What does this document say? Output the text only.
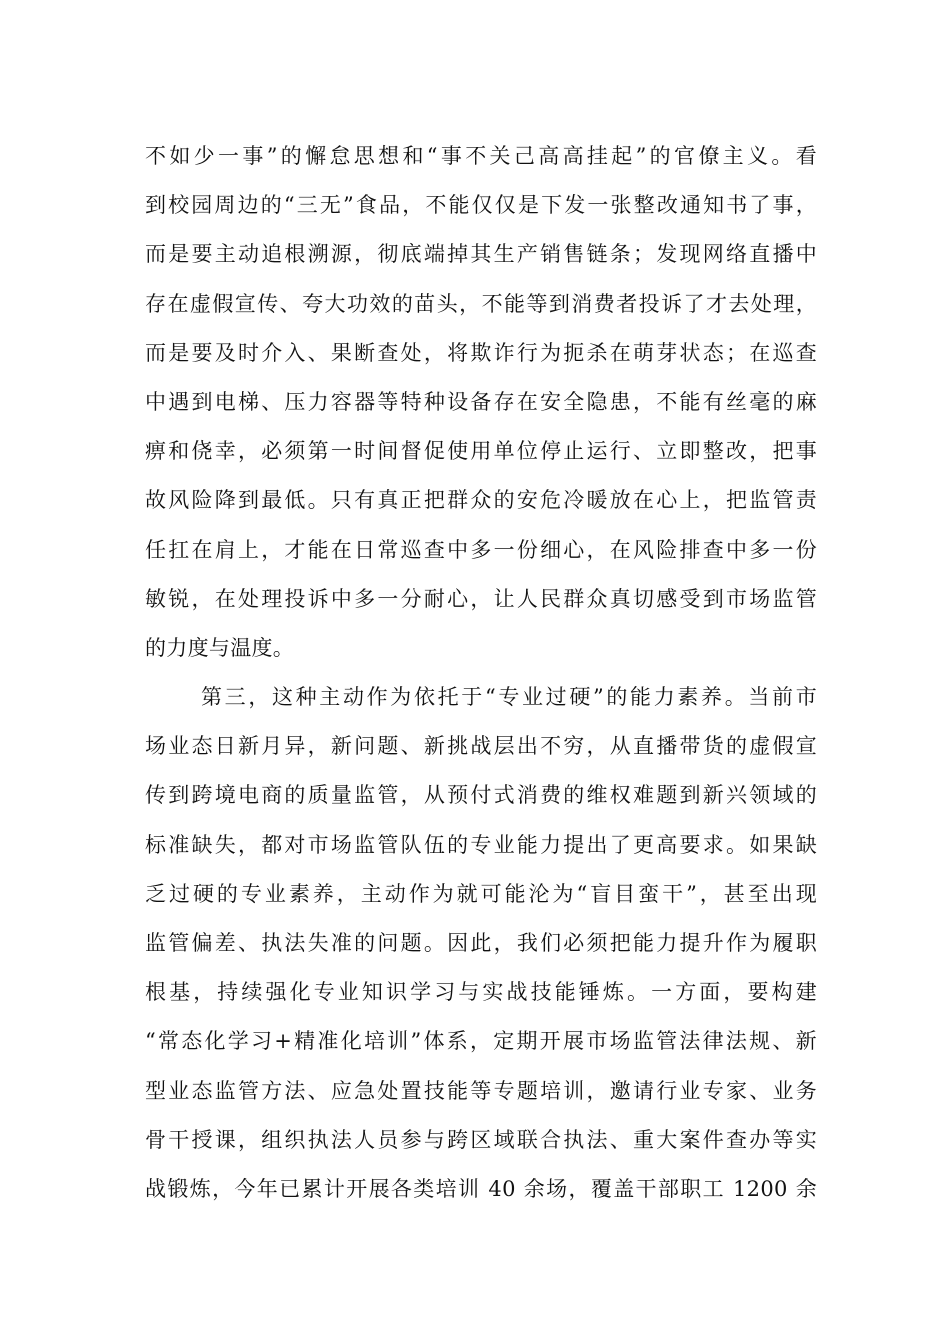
不如少一事”的懈怠思想和“事不关己高高挂起”的官僚主义。看
到校园周边的“三无”食品，不能仅仅是下发一张整改通知书了事，
而是要主动追根溯源，彻底端掉其生产销售链条；发现网络直播中
存在虚假宣传、夸大功效的苗头，不能等到消费者投诉了才去处理，
而是要及时介入、果断查处，将欺诈行为扼杀在萌芽状态；在巡查
中遇到电梯、压力容器等特种设备存在安全隐患，不能有丝毫的麻
痹和侥幸，必须第一时间督促使用单位停止运行、立即整改，把事
故风险降到最低。只有真正把群众的安危冷暖放在心上，把监管责
任扛在肩上，才能在日常巡查中多一份细心，在风险排查中多一份
敏锐，在处理投诉中多一分耐心，让人民群众真切感受到市场监管
的力度与温度。
第三，这种主动作为依托于“专业过硬”的能力素养。当前市
场业态日新月异，新问题、新挑战层出不穷，从直播带货的虚假宣
传到跨境电商的质量监管，从预付式消费的维权难题到新兴领域的
标准缺失，都对市场监管队伍的专业能力提出了更高要求。如果缺
乏过硬的专业素养，主动作为就可能沦为“盲目蛮干”，甚至出现
监管偏差、执法失准的问题。因此，我们必须把能力提升作为履职
根基，持续强化专业知识学习与实战技能锤炼。一方面，要构建
“常态化学习+精准化培训”体系，定期开展市场监管法律法规、新
型业态监管方法、应急处置技能等专题培训，邀请行业专家、业务
骨干授课，组织执法人员参与跨区域联合执法、重大案件查办等实
战锻炼，今年已累计开展各类培训 40 余场，覆盖干部职工 1200 余
